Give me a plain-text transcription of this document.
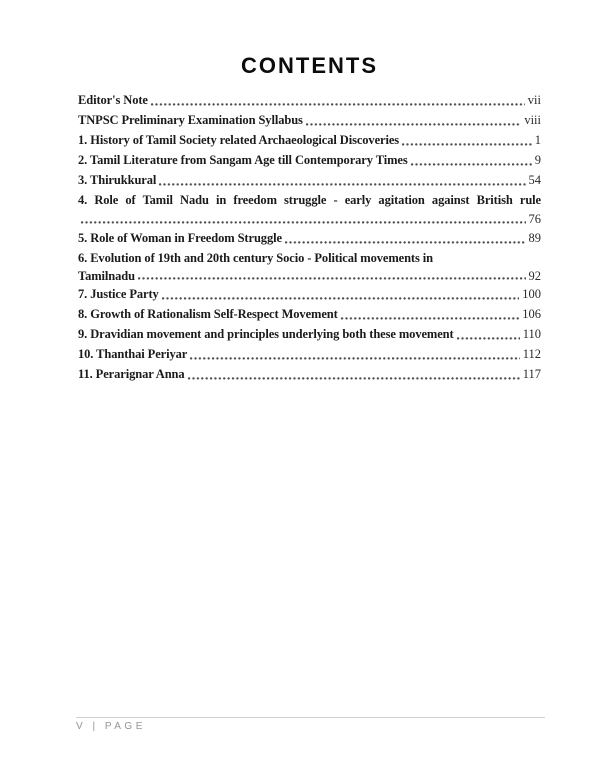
CONTENTS
Editor's Note	vii
TNPSC Preliminary Examination Syllabus	viii
1. History of Tamil Society related Archaeological Discoveries	1
2. Tamil Literature from Sangam Age till Contemporary Times	9
3. Thirukkural	54
4. Role of Tamil Nadu in freedom struggle - early agitation against British rule
76
5. Role of Woman in Freedom Struggle	89
6. Evolution of 19th and 20th century Socio - Political movements in
Tamilnadu	92
7. Justice Party	100
8. Growth of Rationalism Self-Respect Movement	106
9. Dravidian movement and principles underlying both these movement	110
10. Thanthai Periyar	112
11. Perarignar Anna	117
V | PAGE
